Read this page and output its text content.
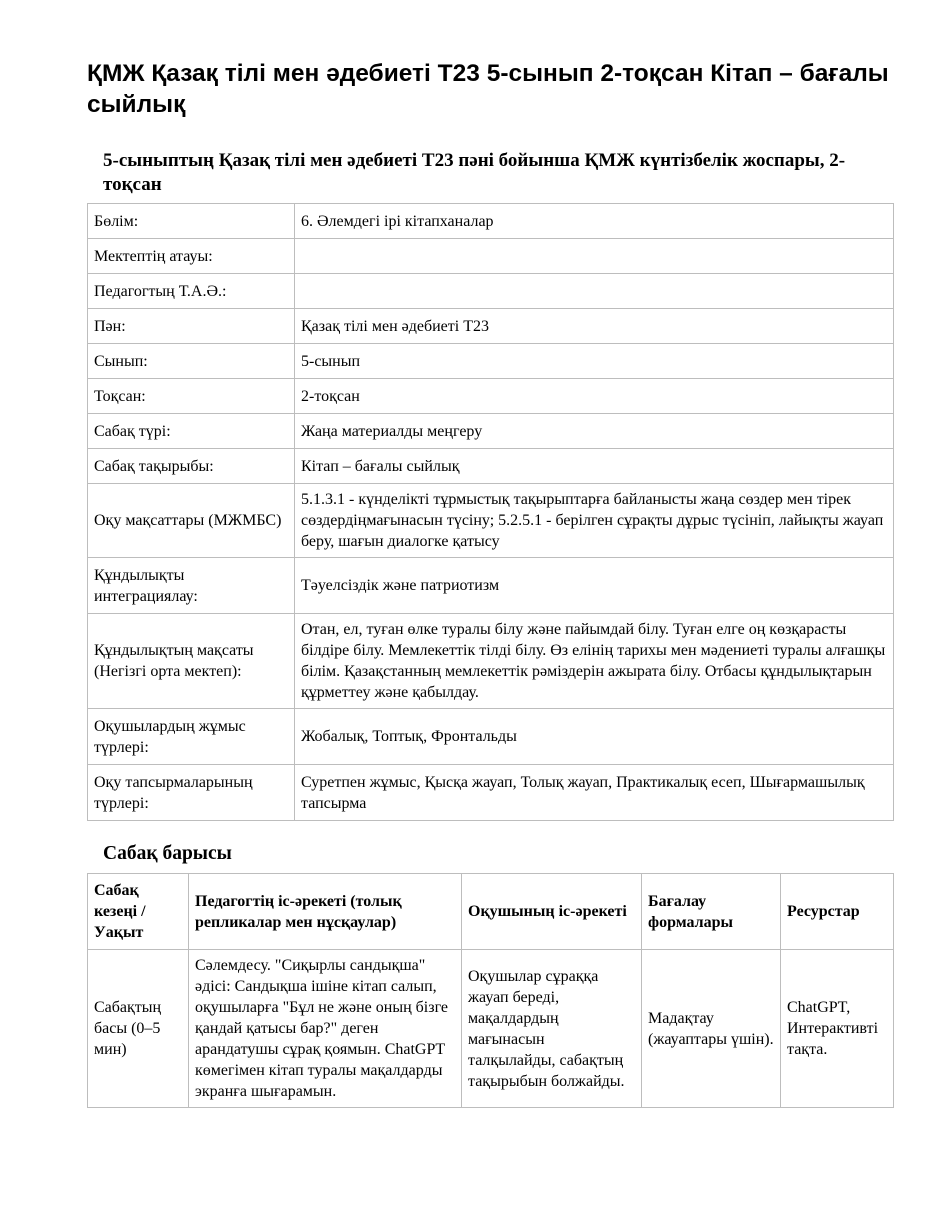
ҚМЖ Қазақ тілі мен әдебиеті Т23 5-сынып 2-тоқсан Кітап – бағалы сыйлық
5-сыныптың Қазақ тілі мен әдебиеті Т23 пәні бойынша ҚМЖ күнтізбелік жоспары, 2-тоқсан
Бөлім:	6. Әлемдегі ірі кітапханалар
Мектептің атауы:	
Педагогтың Т.А.Ә.:	
Пән:	Қазақ тілі мен әдебиеті Т23
Сынып:	5-сынып
Тоқсан:	2-тоқсан
Сабақ түрі:	Жаңа материалды меңгеру
Сабақ тақырыбы:	Кітап – бағалы сыйлық
Оқу мақсаттары (МЖМБС)	5.1.3.1 - күнделікті тұрмыстық тақырыптарға байланысты жаңа сөздер мен тірек сөздердіңмағынасын түсіну; 5.2.5.1 - берілген сұрақты дұрыс түсініп, лайықты жауап беру, шағын диалогке қатысу
Құндылықты интеграциялау:	Тәуелсіздік және патриотизм
Құндылықтың мақсаты (Негізгі орта мектеп):	Отан, ел, туған өлке туралы білу және пайымдай білу. Туған елге оң көзқарасты білдіре білу. Мемлекеттік тілді білу. Өз елінің тарихы мен мәдениеті туралы алғашқы білім. Қазақстанның мемлекеттік рәміздерін ажырата білу. Отбасы құндылықтарын құрметтеу және қабылдау.
Оқушылардың жұмыс түрлері:	Жобалық, Топтық, Фронтальды
Оқу тапсырмаларының түрлері:	Суретпен жұмыс, Қысқа жауап, Толық жауап, Практикалық есеп, Шығармашылық тапсырма
Сабақ барысы
Сабақ кезеңі / Уақыт	Педагогтің іс-әрекеті (толық репликалар мен нұсқаулар)	Оқушының іс-әрекеті	Бағалау формалары	Ресурстар
Сабақтың басы (0–5 мин)	Сәлемдесу. "Сиқырлы сандықша" әдісі: Сандықша ішіне кітап салып, оқушыларға "Бұл не және оның бізге қандай қатысы бар?" деген арандатушы сұрақ қоямын. ChatGPT көмегімен кітап туралы мақалдарды экранға шығарамын.	Оқушылар сұраққа жауап береді, мақалдардың мағынасын талқылайды, сабақтың тақырыбын болжайды.	Мадақтау (жауаптары үшін).	ChatGPT, Интерактивті тақта.
